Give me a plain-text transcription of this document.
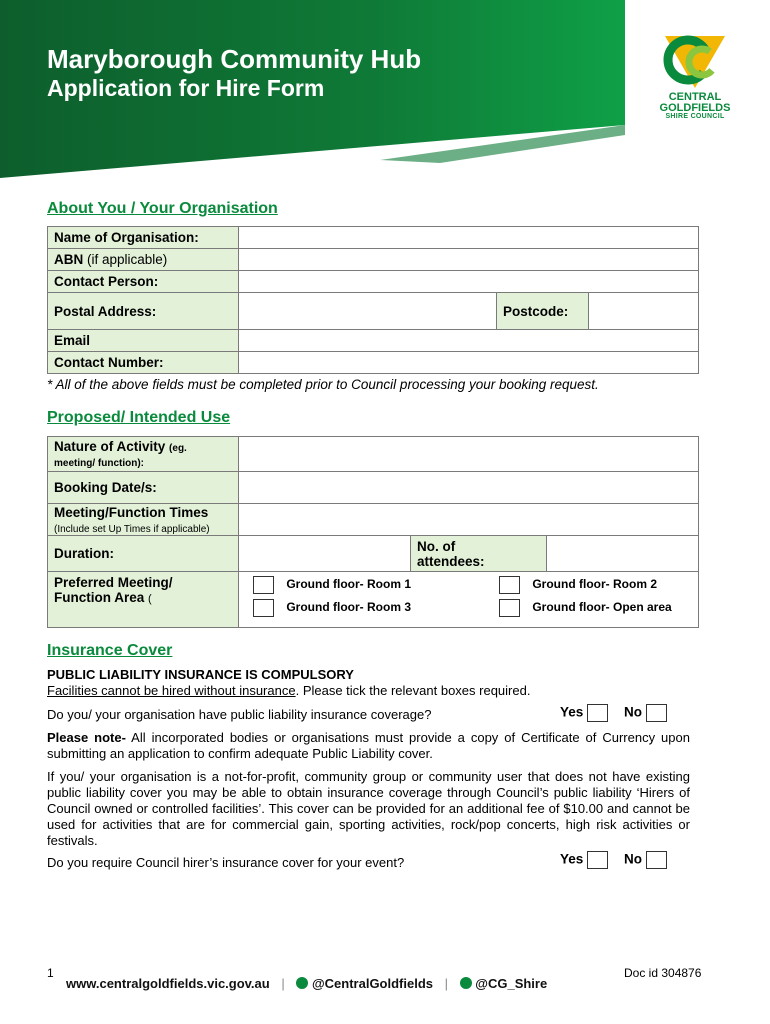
Maryborough Community Hub
Application for Hire Form	CENTRAL
GOLDFIELDS
SHIRE COUNCIL
About You / Your Organisation
Name of Organisation:			
ABN (if applicable)			
Contact Person:			
Postal Address:		Postcode:	
Email			
Contact Number:			
* All of the above fields must be completed prior to Council processing your booking request.
Proposed/ Intended Use
Nature of Activity (eg.
meeting/ function):			
Booking Date/s:			
Meeting/Function Times
(Include set Up Times if applicable)			
Duration:		No. of
attendees:	
Preferred Meeting/
Function Area (			
Ground floor- Room 1	Ground floor- Room 2
Ground floor- Room 3	Ground floor- Open area
Insurance Cover
PUBLIC LIABILITY INSURANCE IS COMPULSORY
Facilities cannot be hired without insurance. Please tick the relevant boxes required.
Do you/ your organisation have public liability insurance coverage?	Yes	No
Please note- All incorporated bodies or organisations must provide a copy of Certificate of Currency upon submitting an application to confirm adequate Public Liability cover.
If you/ your organisation is a not-for-profit, community group or community user that does not have existing public liability cover you may be able to obtain insurance coverage through Council’s public liability ‘Hirers of Council owned or controlled facilities’. This cover can be provided for an additional fee of $10.00 and cannot be used for activities that are for commercial gain, sporting activities, rock/pop concerts, high risk activities or festivals.
Do you require Council hirer’s insurance cover for your event?	Yes	No
1	Doc id 304876
www.centralgoldfields.vic.gov.au | @CentralGoldfields | @CG_Shire
